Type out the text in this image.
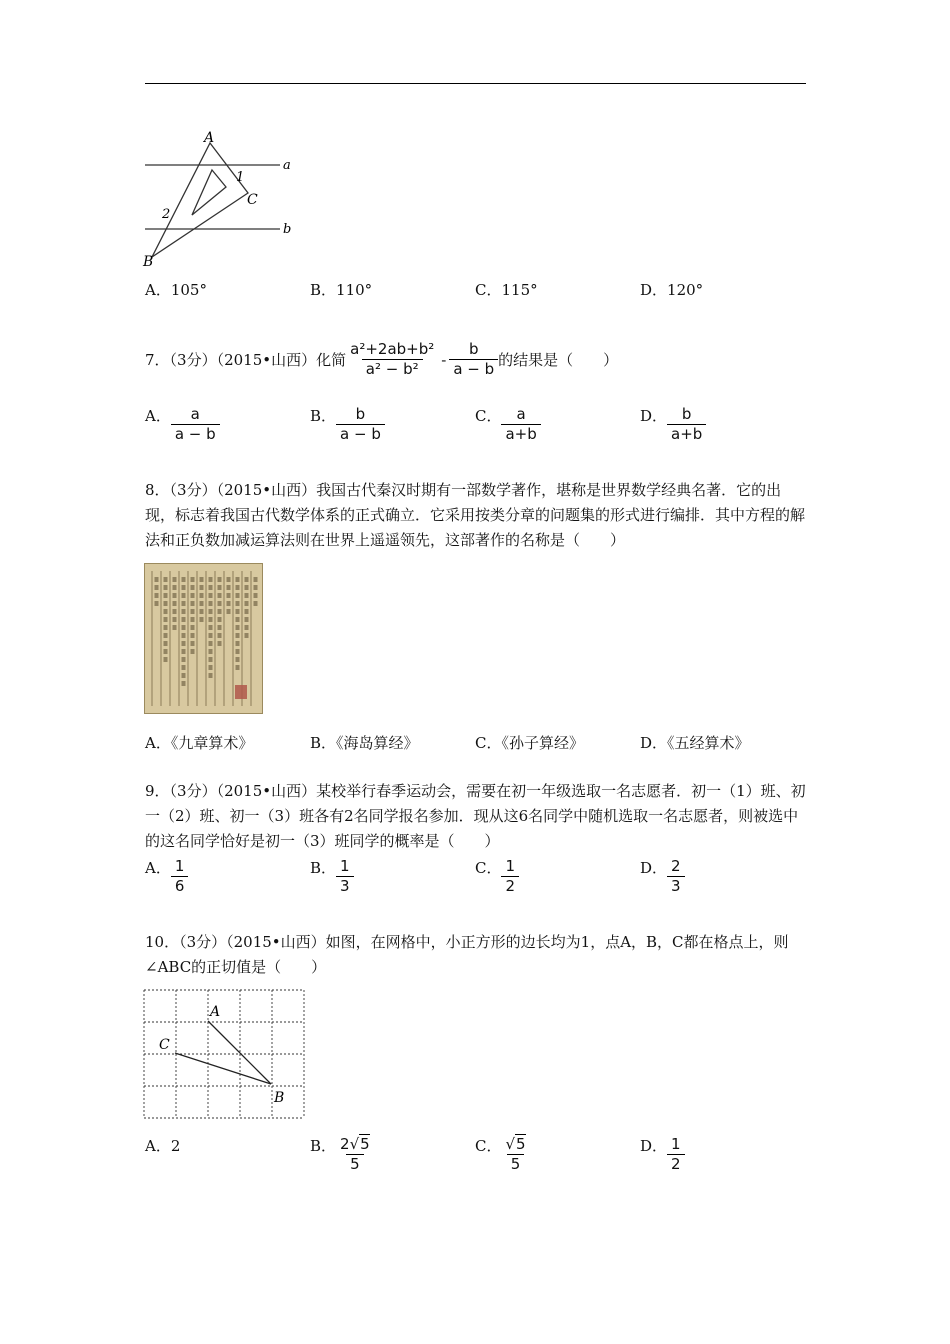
A
B
C
a
b
1
2
A．105°	B．110°	C．115°	D．120°
7．（3分）（2015•山西）化简 $\frac{\text{a²+2ab+b²}}{\text{a² − b²}} - \frac{b}{a - b}$ 的结果是（　　）
A． $\frac{a}{a - b}$	B． $\frac{b}{a - b}$	C． $\frac{a}{a+b}$	D． $\frac{b}{a+b}$
8．（3分）（2015•山西）我国古代秦汉时期有一部数学著作，堪称是世界数学经典名著．它的出现，标志着我国古代数学体系的正式确立．它采用按类分章的问题集的形式进行编排．其中方程的解法和正负数加减运算法则在世界上遥遥领先，这部著作的名称是（　　）
A．《九章算术》	B．《海岛算经》	C．《孙子算经》	D．《五经算术》
9．（3分）（2015•山西）某校举行春季运动会，需要在初一年级选取一名志愿者．初一（1）班、初一（2）班、初一（3）班各有2名同学报名参加．现从这6名同学中随机选取一名志愿者，则被选中的这名同学恰好是初一（3）班同学的概率是（　　）
A． $\frac{1}{6}$	B． $\frac{1}{3}$	C． $\frac{1}{2}$	D． $\frac{2}{3}$
10．（3分）（2015•山西）如图，在网格中，小正方形的边长均为1，点A，B，C都在格点上，则∠ABC的正切值是（　　）
A
B
C
A．2	B． $\frac{2√5}{5}$	C． $\frac{√5}{5}$	D． $\frac{1}{2}$
